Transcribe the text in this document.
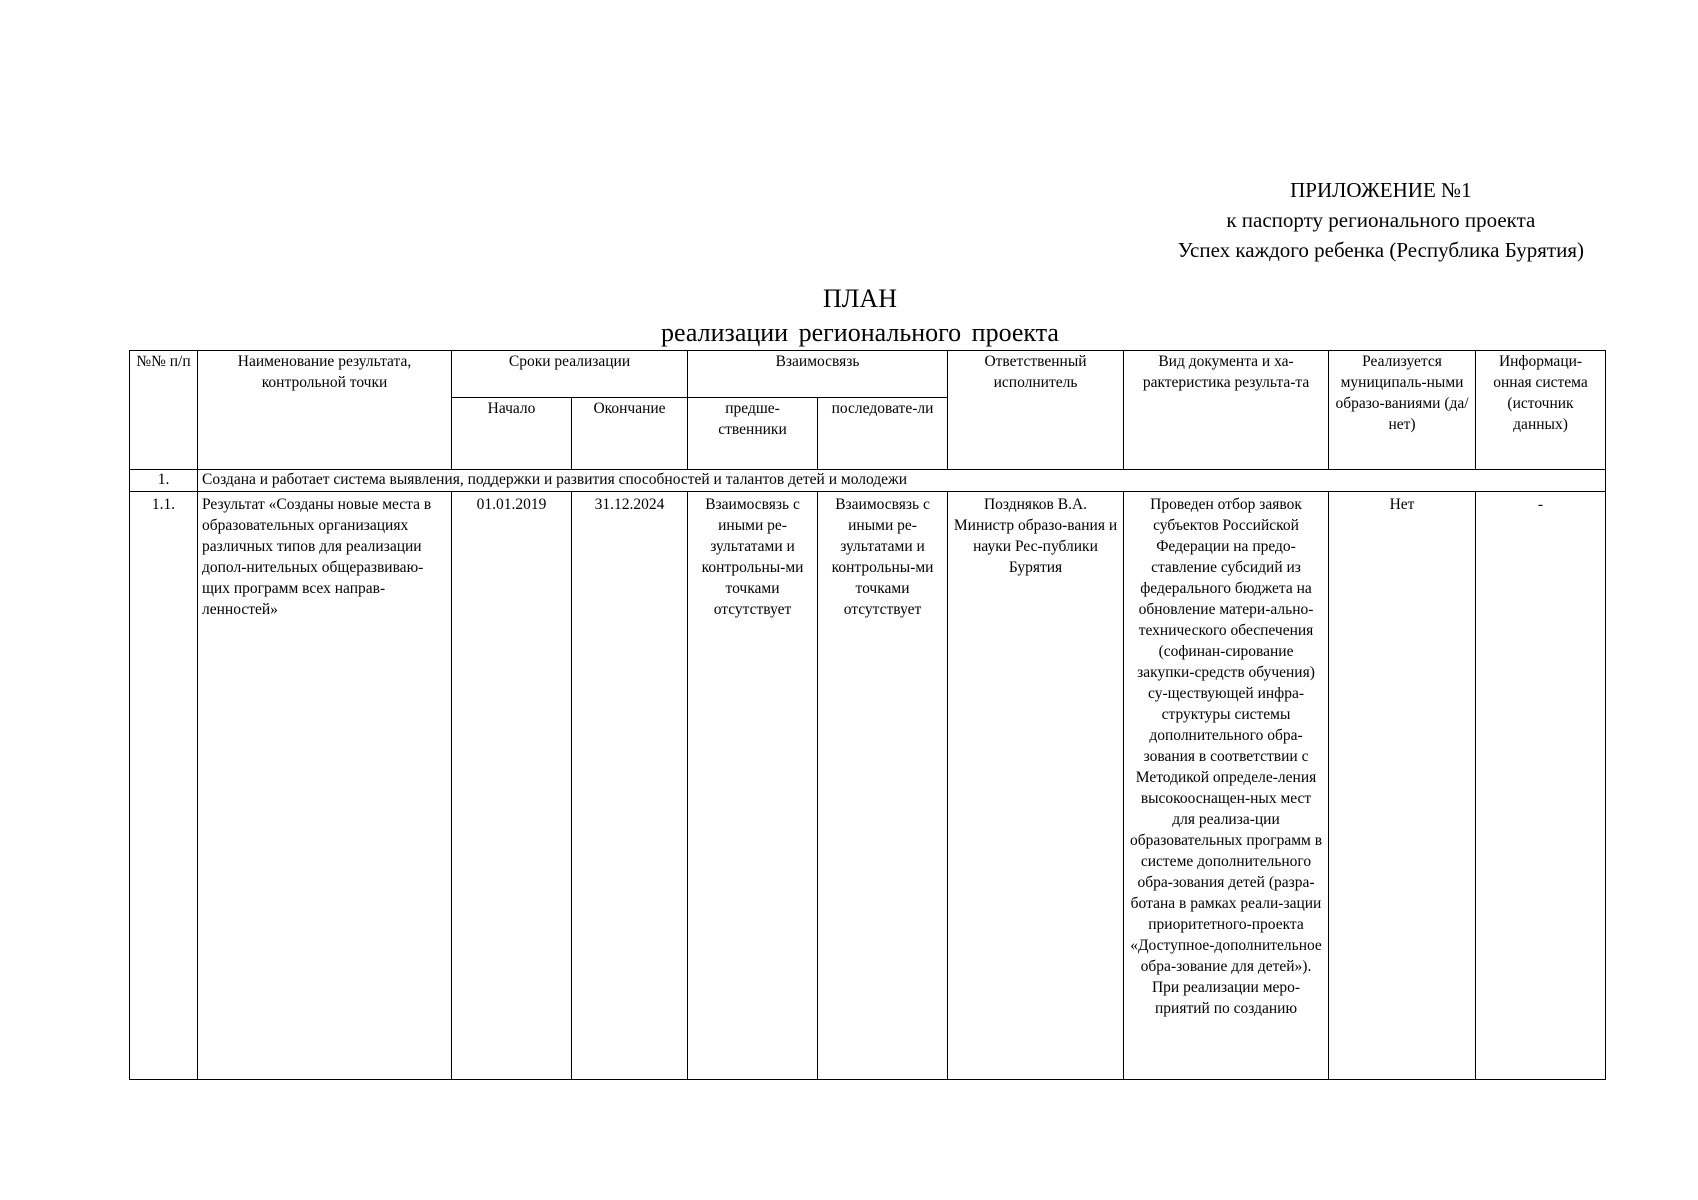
ПРИЛОЖЕНИЕ №1
к паспорту регионального проекта
Успех каждого ребенка (Республика Бурятия)
ПЛАН
реализации регионального проекта
№№ п/п	Наименование результата, контрольной точки	Сроки реализации		Взаимосвязь		Ответственный исполнитель	Вид документа и ха-рактеристика результа-та	Реализуется муниципаль-ными образо-ваниями (да/нет)	Информаци-онная система (источник данных)
		Начало	Окончание	предше-ственники	последовате-ли				
1.	Создана и работает система выявления, поддержки и развития способностей и талантов детей и молодежи								
1.1.	Результат «Созданы новые места в образовательных организациях различных типов для реализации допол-нительных общеразвиваю-щих программ всех направ-ленностей»	01.01.2019	31.12.2024	Взаимосвязь с иными ре-зультатами и контрольны-ми точками отсутствует	Взаимосвязь с иными ре-зультатами и контрольны-ми точками отсутствует	Поздняков В.А. Министр образо-вания и науки Рес-публики Бурятия	Проведен отбор заявок субъектов Российской Федерации на предо-ставление субсидий из федерального бюджета на обновление матери-ально-технического обеспечения (софинан-сирование закупки-средств обучения) су-ществующей инфра-структуры системы дополнительного обра-зования в соответствии с Методикой определе-ления высокооснащен-ных мест для реализа-ции образовательных программ в системе дополнительного обра-зования детей (разра-ботана в рамках реали-зации приоритетного-проекта «Доступное-дополнительное обра-зование для детей»). При реализации меро-приятий по созданию	Нет	-
